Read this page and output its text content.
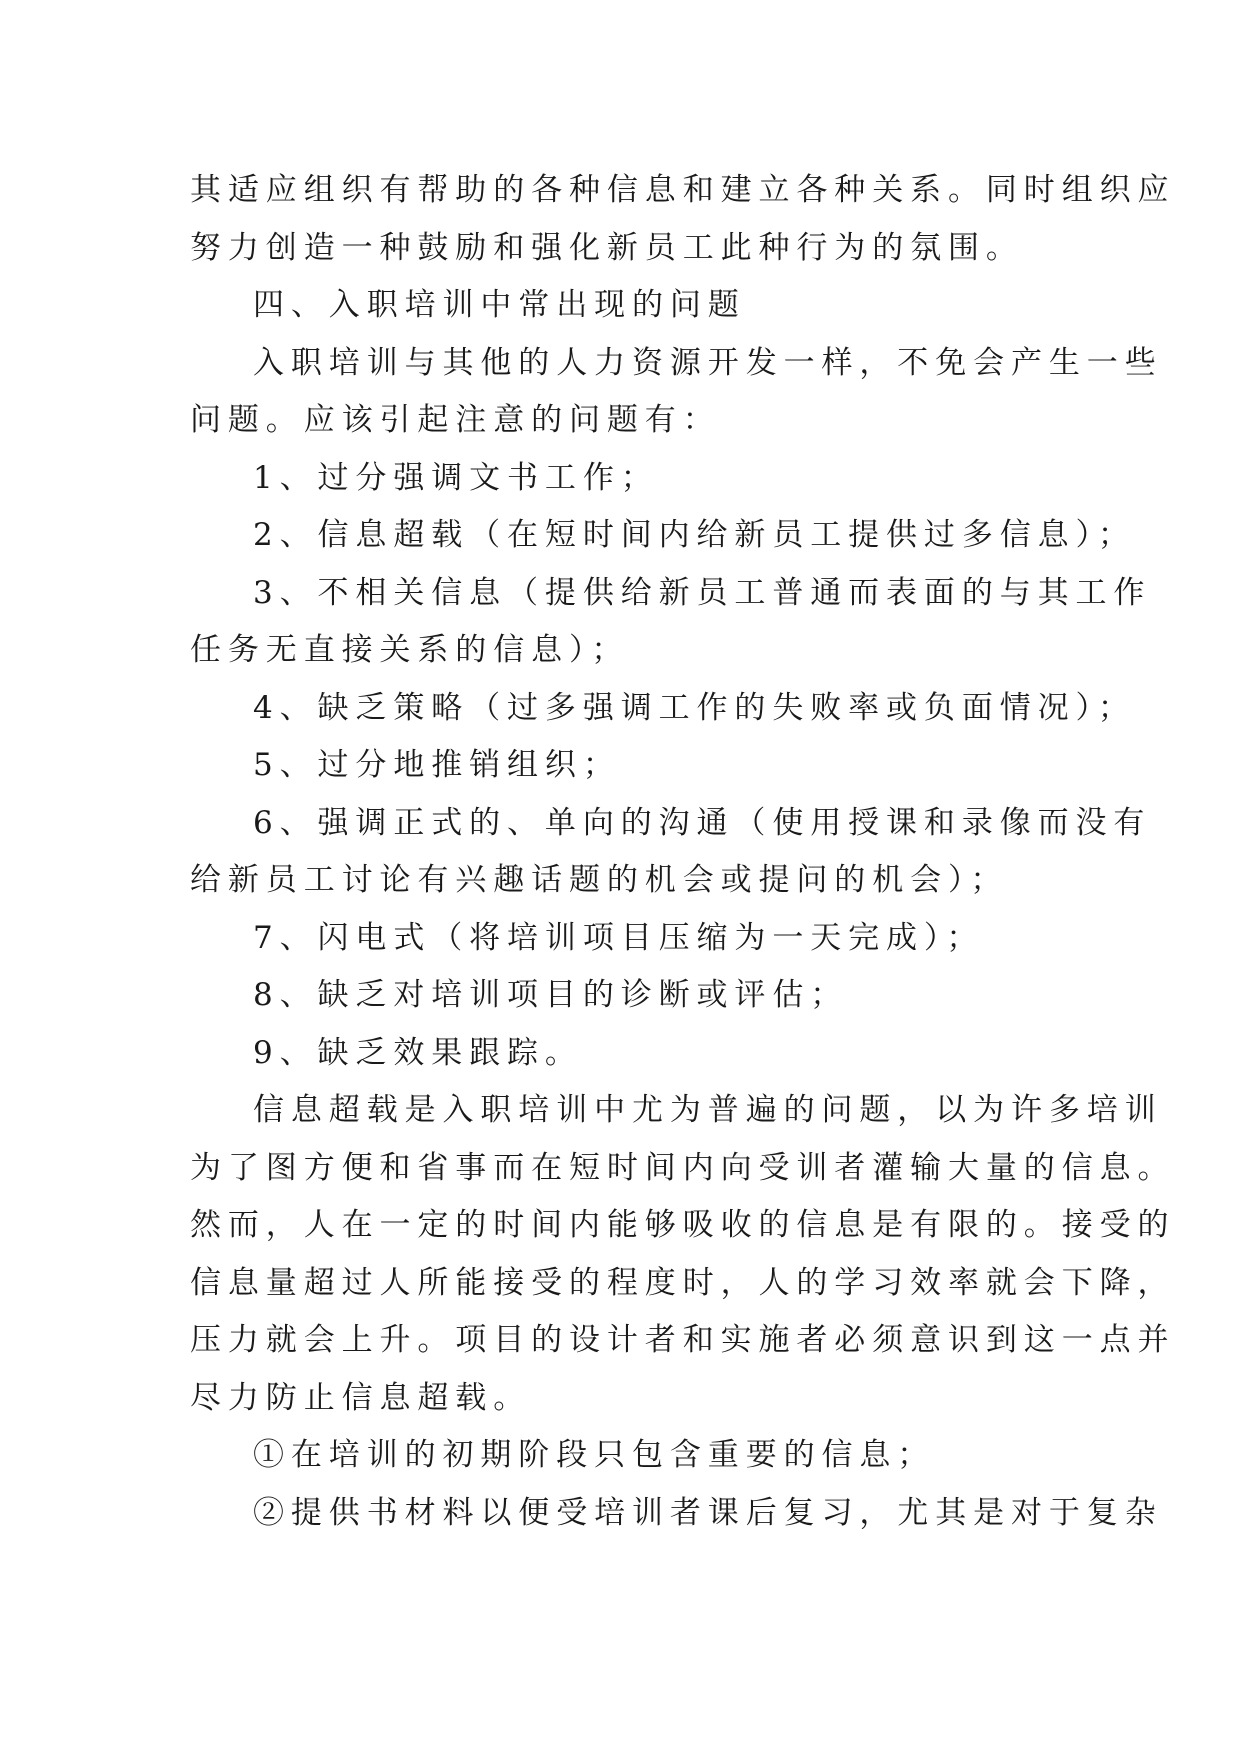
其适应组织有帮助的各种信息和建立各种关系。同时组织应
努力创造一种鼓励和强化新员工此种行为的氛围。
四、入职培训中常出现的问题
入职培训与其他的人力资源开发一样，不免会产生一些
问题。应该引起注意的问题有：
1、过分强调文书工作；
2、信息超载（在短时间内给新员工提供过多信息）；
3、不相关信息（提供给新员工普通而表面的与其工作
任务无直接关系的信息）；
4、缺乏策略（过多强调工作的失败率或负面情况）；
5、过分地推销组织；
6、强调正式的、单向的沟通（使用授课和录像而没有
给新员工讨论有兴趣话题的机会或提问的机会）；
7、闪电式（将培训项目压缩为一天完成）；
8、缺乏对培训项目的诊断或评估；
9、缺乏效果跟踪。
信息超载是入职培训中尤为普遍的问题，以为许多培训
为了图方便和省事而在短时间内向受训者灌输大量的信息。
然而，人在一定的时间内能够吸收的信息是有限的。接受的
信息量超过人所能接受的程度时，人的学习效率就会下降，
压力就会上升。项目的设计者和实施者必须意识到这一点并
尽力防止信息超载。
①在培训的初期阶段只包含重要的信息；
②提供书材料以便受培训者课后复习，尤其是对于复杂
